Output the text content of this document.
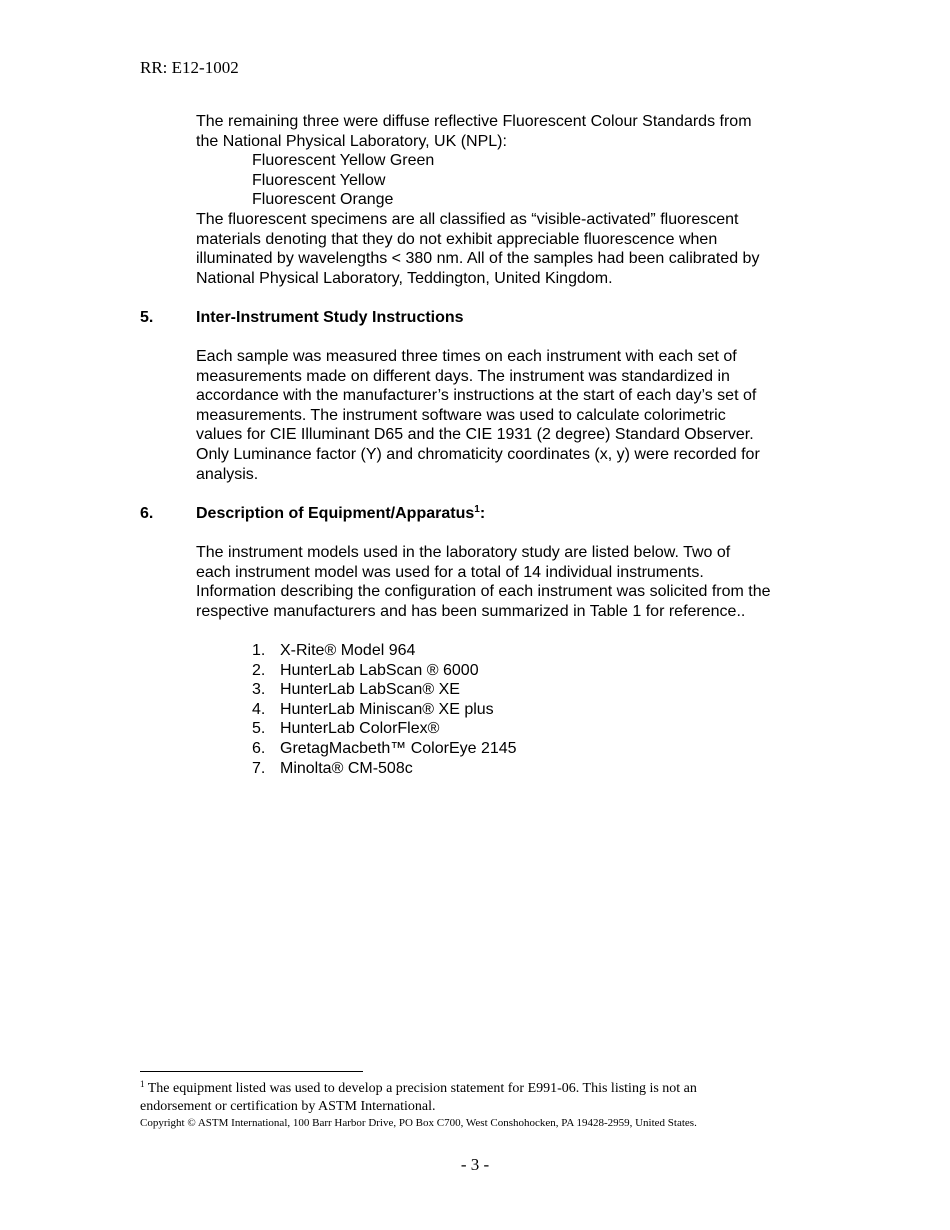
RR: E12-1002
The remaining three were diffuse reflective Fluorescent Colour Standards from
the National Physical Laboratory, UK (NPL):
Fluorescent Yellow Green
Fluorescent Yellow
Fluorescent Orange
The fluorescent specimens are all classified as “visible-activated” fluorescent
materials denoting that they do not exhibit appreciable fluorescence when
illuminated by wavelengths < 380 nm. All of the samples had been calibrated by
National Physical Laboratory, Teddington, United Kingdom.
5.	Inter-Instrument Study Instructions
Each sample was measured three times on each instrument with each set of
measurements made on different days. The instrument was standardized in
accordance with the manufacturer’s instructions at the start of each day’s set of
measurements. The instrument software was used to calculate colorimetric
values for CIE Illuminant D65 and the CIE 1931 (2 degree) Standard Observer.
Only Luminance factor (Y) and chromaticity coordinates (x, y) were recorded for
analysis.
6.	Description of Equipment/Apparatus$^1$:
The instrument models used in the laboratory study are listed below. Two of
each instrument model was used for a total of 14 individual instruments.
Information describing the configuration of each instrument was solicited from the
respective manufacturers and has been summarized in Table 1 for reference..
1. X-Rite® Model 964
2. HunterLab LabScan ® 6000
3. HunterLab LabScan® XE
4. HunterLab Miniscan® XE plus
5. HunterLab ColorFlex®
6. GretagMacbeth™ ColorEye 2145
7. Minolta® CM-508c
$^1$ The equipment listed was used to develop a precision statement for E991-06. This listing is not an
endorsement or certification by ASTM International.
Copyright © ASTM International, 100 Barr Harbor Drive, PO Box C700, West Conshohocken, PA 19428-2959, United States.
- 3 -
